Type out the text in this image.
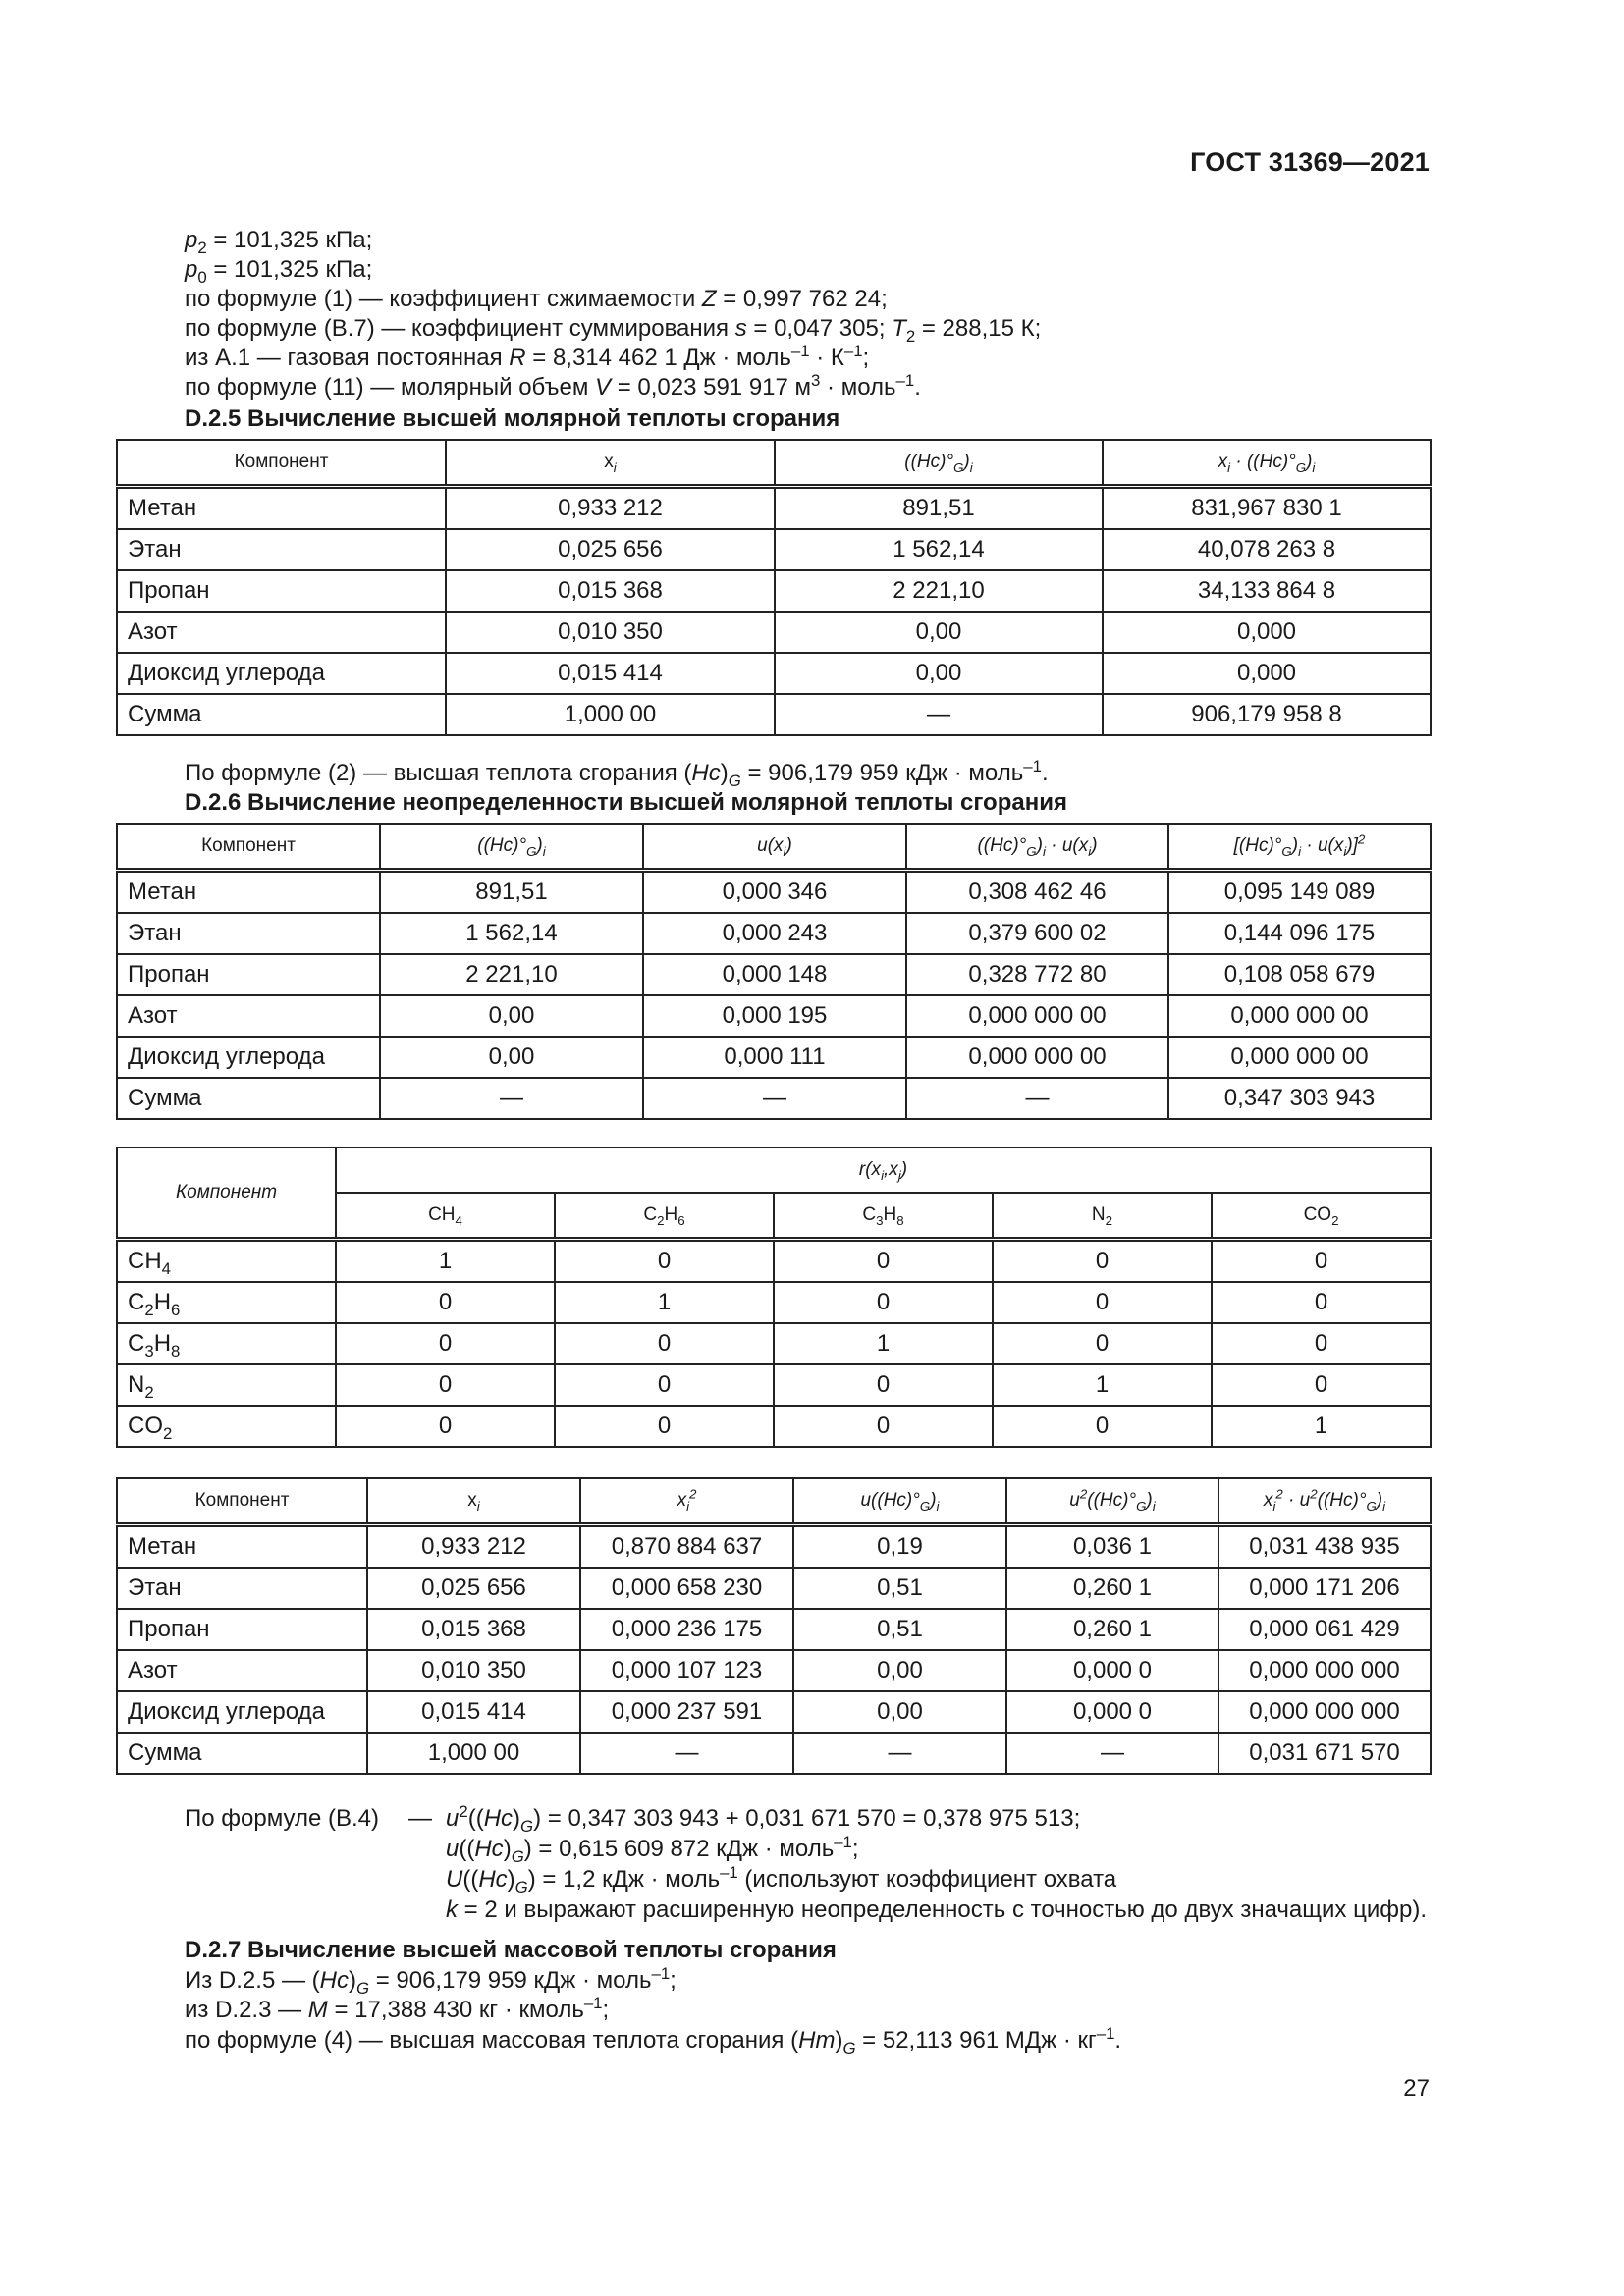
ГОСТ 31369—2021
$p_2 = 101,325$ кПа;
$p_0 = 101,325$ кПа;
по формуле (1) — коэффициент сжимаемости Z = 0,997 762 24;
по формуле (B.7) — коэффициент суммирования s = 0,047 305; $T_2 = 288,15$ К;
из A.1 — газовая постоянная R = 8,314 462 1 Дж · моль$^{-1}$ · $К^{-1}$;
по формуле (11) — молярный объем V = 0,023 591 917 $м^3$ · моль$^{-1}$.
D.2.5 Вычисление высшей молярной теплоты сгорания
Компонент	$x_i$	$((Hc)^\circ_G)_i$	$x_i \cdot ((Hc)^\circ_G)_i$
Метан	0,933 212	891,51	831,967 830 1
Этан	0,025 656	1 562,14	40,078 263 8
Пропан	0,015 368	2 221,10	34,133 864 8
Азот	0,010 350	0,00	0,000
Диоксид углерода	0,015 414	0,00	0,000
Сумма	1,000 00	—	906,179 958 8
По формуле (2) — высшая теплота сгорания $(Hc)_G = 906,179$ 959 кДж · моль$^{-1}$.
D.2.6 Вычисление неопределенности высшей молярной теплоты сгорания
Компонент	$((Hc)^\circ_G)_i$	$u(x_i)$	$((Hc)^\circ_G)_i \cdot u(x_i)$	$[(Hc)^\circ_G)_i \cdot u(x_i)]^2$
Метан	891,51	0,000 346	0,308 462 46	0,095 149 089
Этан	1 562,14	0,000 243	0,379 600 02	0,144 096 175
Пропан	2 221,10	0,000 148	0,328 772 80	0,108 058 679
Азот	0,00	0,000 195	0,000 000 00	0,000 000 00
Диоксид углерода	0,00	0,000 111	0,000 000 00	0,000 000 00
Сумма	—	—	—	0,347 303 943
Компонент	$r(x_i,x_j)$				
	$CH_4$	$C_2H_6$	$C_3H_8$	$N_2$	$CO_2$
$CH_4$	1	0	0	0	0
$C_2H_6$	0	1	0	0	0
$C_3H_8$	0	0	1	0	0
$N_2$	0	0	0	1	0
$CO_2$	0	0	0	0	1
Компонент	$x_i$	$x_i^2$	$u((Hc)^\circ_G)_i$	$u^2((Hc)^\circ_G)_i$	$x_i^2 \cdot u^2((Hc)^\circ_G)_i$
Метан	0,933 212	0,870 884 637	0,19	0,036 1	0,031 438 935
Этан	0,025 656	0,000 658 230	0,51	0,260 1	0,000 171 206
Пропан	0,015 368	0,000 236 175	0,51	0,260 1	0,000 061 429
Азот	0,010 350	0,000 107 123	0,00	0,000 0	0,000 000 000
Диоксид углерода	0,015 414	0,000 237 591	0,00	0,000 0	0,000 000 000
Сумма	1,000 00	—	—	—	0,031 671 570
По формуле (B.4) — $u^2((Hc)_G) = 0,347$ 303 943 + 0,031 671 570 = 0,378 975 513;
$u((Hc)_G) = 0,615$ 609 872 кДж · моль$^{-1}$;
$U((Hc)_G) = 1,2$ кДж · моль$^{-1}$ (используют коэффициент охвата
k = 2 и выражают расширенную неопределенность с точностью до двух значащих цифр).
D.2.7 Вычисление высшей массовой теплоты сгорания
Из D.2.5 — $(Hc)_G = 906,179$ 959 кДж · моль$^{-1}$;
из D.2.3 — M = 17,388 430 кг · кмоль$^{-1}$;
по формуле (4) — высшая массовая теплота сгорания $(Hm)_G = 52,113$ 961 МДж · $кг^{-1}$.
27
